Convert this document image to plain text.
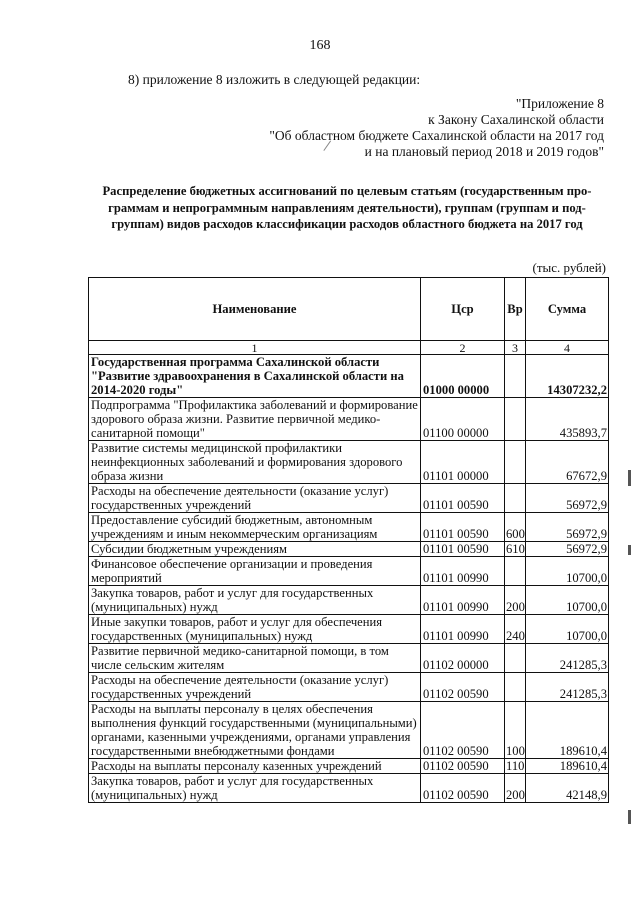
168
8) приложение 8 изложить в следующей редакции:
"Приложение 8
к Закону Сахалинской области
"Об областном бюджете Сахалинской области на 2017 год
и на плановый период 2018 и 2019 годов"
Распределение бюджетных ассигнований по целевым статьям (государственным про-
граммам и непрограммным направлениям деятельности), группам (группам и под-
группам) видов расходов классификации расходов областного бюджета на 2017 год
(тыс. рублей)
Наименование	Цср	Вр	Сумма
1	2	3	4
Государственная программа Сахалинской области "Развитие здравоохранения в Сахалинской области на 2014-2020 годы"	01000 00000		14307232,2
Подпрограмма "Профилактика заболеваний и формирование здорового образа жизни. Развитие первичной медико-санитарной помощи"	01100 00000		435893,7
Развитие системы медицинской профилактики неинфекционных заболеваний и формирования здорового образа жизни	01101 00000		67672,9
Расходы на обеспечение деятельности (оказание услуг) государственных учреждений	01101 00590		56972,9
Предоставление субсидий бюджетным, автономным учреждениям и иным некоммерческим организациям	01101 00590	600	56972,9
Субсидии бюджетным учреждениям	01101 00590	610	56972,9
Финансовое обеспечение организации и проведения мероприятий	01101 00990		10700,0
Закупка товаров, работ и услуг для государственных (муниципальных) нужд	01101 00990	200	10700,0
Иные закупки товаров, работ и услуг для обеспечения государственных (муниципальных) нужд	01101 00990	240	10700,0
Развитие первичной медико-санитарной помощи, в том числе сельским жителям	01102 00000		241285,3
Расходы на обеспечение деятельности (оказание услуг) государственных учреждений	01102 00590		241285,3
Расходы на выплаты персоналу в целях обеспечения выполнения функций государственными (муниципальными) органами, казенными учреждениями, органами управления государственными внебюджетными фондами	01102 00590	100	189610,4
Расходы на выплаты персоналу казенных учреждений	01102 00590	110	189610,4
Закупка товаров, работ и услуг для государственных (муниципальных) нужд	01102 00590	200	42148,9
